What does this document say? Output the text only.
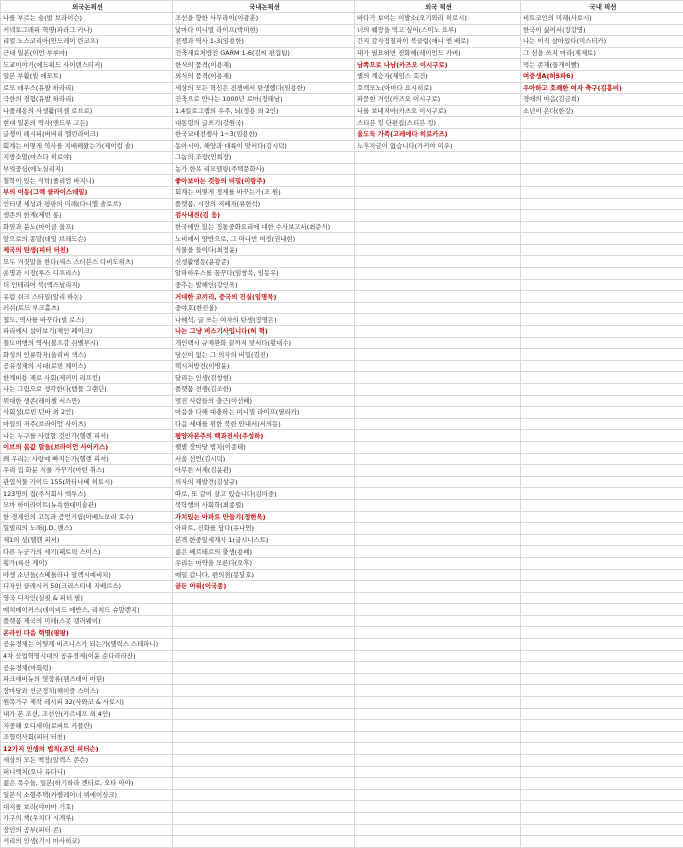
외국논픽션	국내논픽션	외국 픽션	국내 픽션
나를 부르는 숲(빌 브라이슨)	조선을 향한 사무라이(이광훈)	바다가 보이는 이발소(오기와라 히로시)	비트코인의 미래(사토시)
커넥토그래피 혁명(파라그 카나)	낯마다 미니멀 라이프(박미현)	너의 췌장을 먹고 싶어(스미노 요루)	한국이 싫어서(장강명)
리얼 노스코리아(안드레이 란코프)	전쟁과 역사 1-3(임용한)	간지 감자정칠파이 북클럽(애니 엔 배로)	나는 이직 살아있다(미스터카)
근대 일본(이언 부루마)	건축재료처방전 GARM 1-6(김씨 편집팀)	내가 필요하면 전화해(레이먼드 카버)	그 섬을 쓰지 마라(제제토)
도쿄이야기(에드워드 사이덴스티커)	한식의 품격(이용재)	남쪽으로 나남(카즈오 이시구로)	먹는 존재(들개이빨)
일본 부활(빌 에모트)	외식의 품격(이용재)	별의 계승자(제임스 호건)	여중생A(허5파6)
로모 데우스(유발 하라리)	세상의 모든 혁신은 전쟁에서 탄생했다(임용한)	호객모노(아마다 요시히로)	우아하고 호쾌한 여자 축구(김흥비)
극한의 경험(유발 하라리)	건축으로 만나는 1000년 로마(정태남)	파묻힌 거인(카즈오 이시구로)	경애의 마음(김금희)
나폴레옹의 사생활(미셸 로브로)	1.4킬로그램의 우주, 뇌(정용 외 2인)	나를 보내지마(카즈오 이시구로)	소년이 온다(한강)
현대 일본의 역사(앤드루 고든)	대통령의 글쓰기(강원국)	스티븐 킹 단편집(스티븐 킹)	
글쟁이 레시피(버비리 엘린라이크)	한국교대전쟁사 1~3(임용한)	움도둑 가족(고레에다 히로카즈)	
회계는 어떻게 역사를 지배해왔는가(제이컵 솔)	동아시아, 해양과 대륙이 맞서다(김시덕)	노후자금이 없습니다(가키야 미우)	
지방소멸(마스다 히로야)	그놈의 조장(민희장)		
부엌중심(에노실리지)	농가 한옥 리모델링(주택문화사)		
철학이 있는 식탁(줄리언 바지니)	좋아보이는 것들의 비밀(이랑주)		
부의 이동(그렉 클라이스데일)	회계는 어떻게 경제를 바꾸는가(조 원)		
인터넷 세상과 평판의 미래(다니엘 솔로브)	플랫폼, 시장의 지배자(류한석)		
생존의 한계(제빈 롱)	검사내전(김 웅)		
화염과 분노(마이클 울프)	한국에만 있는 정통중화요리에 대한 수사보고서(최준식)		
앞으로의 종말(데일 브레드슨)	노비에서 양반으로, 그 머나먼 여정(권내현)		
제국의 탄생(피터 터친)	식물을 들이다(최정윤)		
모두 거짓말을 한다(세스 스티븐스 다비도위츠)	신생활행동(윤광준)		
운명과 시장(루스 디프리스)	알파하우스를 꿈꾸다(임창복, 임동우)		
더 인테리어 북(엑스널리지)	중추는 발해인(강인욱)		
유럽 쉬크 스타일(알리 하논)	거대한 코끼리, 중국의 진실(임명묵)		
러쉬(토드 부크홀츠)	중야호(한진울)		
철도, 역사를 바꾸다(빌 로스)	나혜석, 글 쓰는 여자의 탄생(장영은)		
파리에서 살아보기(제인 페이크)	나는 그냥 버스기사입니다(허 혁)		
철도여행의 역사(볼프강 쉬벨부시)	개인택시 규제완화 끝까지 맞서다(황대수)		
화성의 인류학자(올리버 색스)	당신이 없는 그 의자의 비밀(김진)		
공유경제의 시대(로빈 체이스)	택시저방전(이병윤)		
한계비용 제로 사회(제러미 리프킨)	달리는 인생(김창현)		
나는 그림으로 생각한다(템플 그랜딘)	플랫폼 전쟁(김조한)		
위대한 생존(레이첼 서스만)	멋진 사람들의 출근(이선배)		
사회성(로빈 던바 외 2인)	마음을 다해 대충하는 미니멀 라이프(필리카)		
마일의 저주(브라이언 사이츠)	다음 세대를 위한 북한 안내서(서의동)		
나는 누구를 사랑할 것인가(헬렌 피셔)	평양자본주의 백과전서(주성하)		
이브의 몸값 말들(브라이언 사이키스)	햇볕 장마당 법치(이종태)		
왜 우리는 사랑에 빠지는가(헬렌 피셔)	서울 선언(김시덕)		
우리 집 화분 식물 가꾸기(마틴 취스)	아무튼 서재(김윤관)		
관엽식물 가이드 155(와타나베 히토시)	의자의 재발견(김상규)		
123명의 집(주식회사 엑투스)	따로, 또 같이 살고 있습니다(김미중)		
모마 하이라이트(뉴욕현대미술관)	북학행의 사회학(최종렬)		
한 경제인의 고독과 증언거림(아베노모리 호수)	가치있는 아파트 만들기(정현욱)		
힐빌리의 노래(J.D. 밴스)	아파트, 신화를 담다(유나연)		
제1의 성(헬렌 피셔)	본격 한중일세계사 1(굽시니스트)		
다른 누군가의 세기(패트릭 스미스)	젊은 베르테르의 출생(용배)		
횡가(록산 게이)	우리는 마약을 모른다(오후)		
야생 소년들(스베틀라나 알렉시예비치)	매일 갑니다, 편의점(봉달호)		
디자인 클래시커 50(크리스티네 지베르스)	골든 아워(이국종)		
영국 디자인(실핏 & 피터 필)			
매치메이커스(데이비드 에반스, 리처드 슈말렌지)			
플랫폼 제국의 미래(스콧 갤러웨이)			
온라인 다음 혁명(팡팡)			
공유경제는 어떻게 비즈니스가 되는가(앨릭스 스테파니)			
4차 산업혁명시대의 공유경제(이윤 순다라라잔)			
공유경제(마화텅)			
파크애비뉴의 영장류(웬즈데이 마틴)			
장마당과 선군정치(헤이즐 스미스)			
원목가구 제작 레시피 32(사와코 & 사토시)			
내가 본 조선, 조선인(카르네프 외 4인)			
지중해 오디세이(로버트 카플란)			
조협력사회(피터 터친)			
12가지 인생의 법칙(조던 피터슨)			
세상의 모든 책장(알렉스 존슨)			
퍼니엑처(오나 유다니)			
젊은 목수들, 일본(하기하라 겐타로, 오타 아야)			
일본식 소형주택(카렐레이너 뷔에이싱크)			
대지를 보라(야마마 기호)			
가구의 책(우치다 시게루)			
장인의 공부(피터 콘)			
거리의 인생(기시 마사히코)			
